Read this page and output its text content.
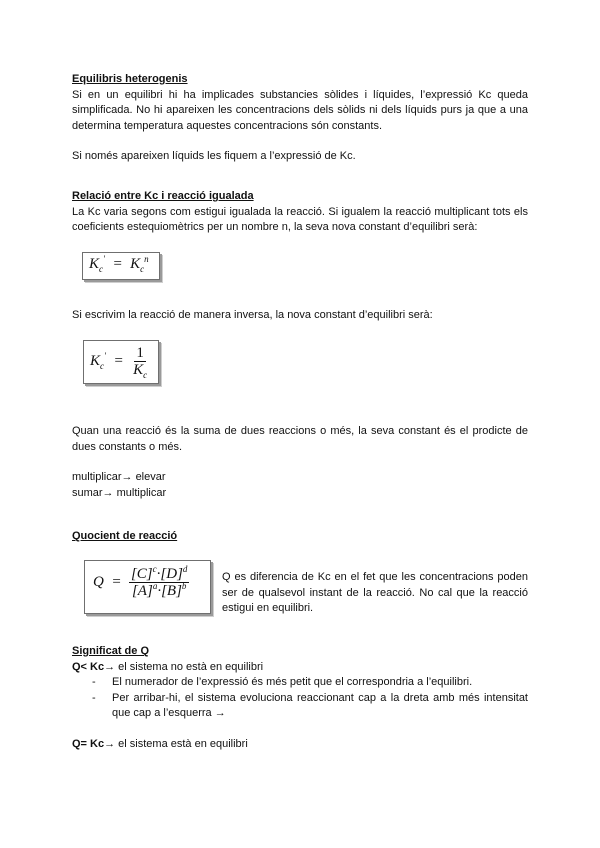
Equilibris heterogenis

Si en un equilibri hi ha implicades substancies sòlides i líquides, l’expressió Kc queda simplificada. No hi apareixen les concentracions dels sòlids ni dels líquids purs ja que a una determina temperatura aquestes concentracions són constants.

Si només apareixen líquids les fiquem a l’expressió de Kc.

Relació entre Kc i reacció igualada

La Kc varia segons com estigui igualada la reacció. Si igualem la reacció multiplicant tots els coeficients estequiomètrics per un nombre n, la seva nova constant d’equilibri serà:

$K_c' = K_c^n$

Si escrivim la reacció de manera inversa, la nova constant d’equilibri serà:

$K_c' = \frac{1}{K_c}$

Quan una reacció és la suma de dues reaccions o més, la seva constant és el prodicte de dues constants o més.

multiplicar→ elevar

sumar→ multiplicar

Quocient de reacció

$Q = \frac{[C]^c\cdot[D]^d}{[A]^a\cdot[B]^b}$	Q es diferencia de Kc en el fet que les concentracions poden ser de qualsevol instant de la reacció. No cal que la reacció estigui en equilibri.

Significat de Q

Q< Kc→ el sistema no està en equilibri

- El numerador de l’expressió és més petit que el correspondria a l’equilibri.
- Per arribar-hi, el sistema evoluciona reaccionant cap a la dreta amb més intensitat que cap a l’esquerra →

Q= Kc→ el sistema està en equilibri
